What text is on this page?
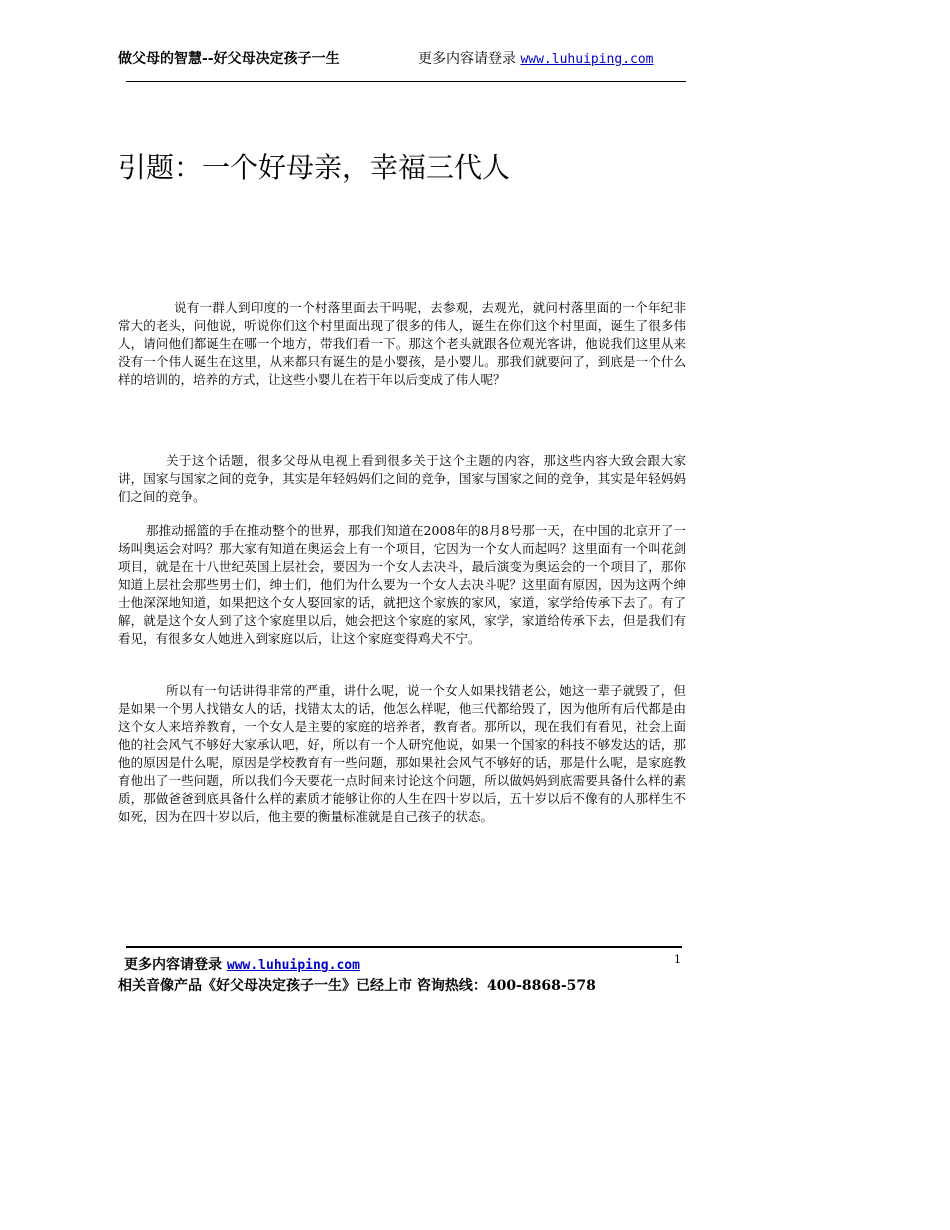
做父母的智慧--好父母决定孩子一生	更多内容请登录 www.luhuiping.com
引题：一个好母亲，幸福三代人

说有一群人到印度的一个村落里面去干吗呢，去参观，去观光，就问村落里面的一个年纪非常大的老头，问他说，听说你们这个村里面出现了很多的伟人，诞生在你们这个村里面，诞生了很多伟人，请问他们都诞生在哪一个地方，带我们看一下。那这个老头就跟各位观光客讲，他说我们这里从来没有一个伟人诞生在这里，从来都只有诞生的是小婴孩，是小婴儿。那我们就要问了，到底是一个什么样的培训的，培养的方式，让这些小婴儿在若干年以后变成了伟人呢？

关于这个话题，很多父母从电视上看到很多关于这个主题的内容，那这些内容大致会跟大家讲，国家与国家之间的竞争，其实是年轻妈妈们之间的竞争，国家与国家之间的竞争，其实是年轻妈妈们之间的竞争。

那推动摇篮的手在推动整个的世界，那我们知道在2008年的8月8号那一天，在中国的北京开了一场叫奥运会对吗？那大家有知道在奥运会上有一个项目，它因为一个女人而起吗？这里面有一个叫花剑项目，就是在十八世纪英国上层社会，要因为一个女人去决斗，最后演变为奥运会的一个项目了，那你知道上层社会那些男士们，绅士们，他们为什么要为一个女人去决斗呢？这里面有原因，因为这两个绅士他深深地知道，如果把这个女人娶回家的话，就把这个家族的家风，家道，家学给传承下去了。有了解，就是这个女人到了这个家庭里以后，她会把这个家庭的家风，家学，家道给传承下去，但是我们有看见，有很多女人她进入到家庭以后，让这个家庭变得鸡犬不宁。

所以有一句话讲得非常的严重，讲什么呢，说一个女人如果找错老公，她这一辈子就毁了，但是如果一个男人找错女人的话，找错太太的话，他怎么样呢，他三代都给毁了，因为他所有后代都是由这个女人来培养教育，一个女人是主要的家庭的培养者，教育者。那所以，现在我们有看见，社会上面他的社会风气不够好大家承认吧，好，所以有一个人研究他说，如果一个国家的科技不够发达的话，那他的原因是什么呢，原因是学校教育有一些问题，那如果社会风气不够好的话，那是什么呢，是家庭教育他出了一些问题，所以我们今天要花一点时间来讨论这个问题，所以做妈妈到底需要具备什么样的素质，那做爸爸到底具备什么样的素质才能够让你的人生在四十岁以后，五十岁以后不像有的人那样生不如死，因为在四十岁以后，他主要的衡量标准就是自己孩子的状态。

1
更多内容请登录 www.luhuiping.com
相关音像产品《好父母决定孩子一生》已经上市 咨询热线：400-8868-578
